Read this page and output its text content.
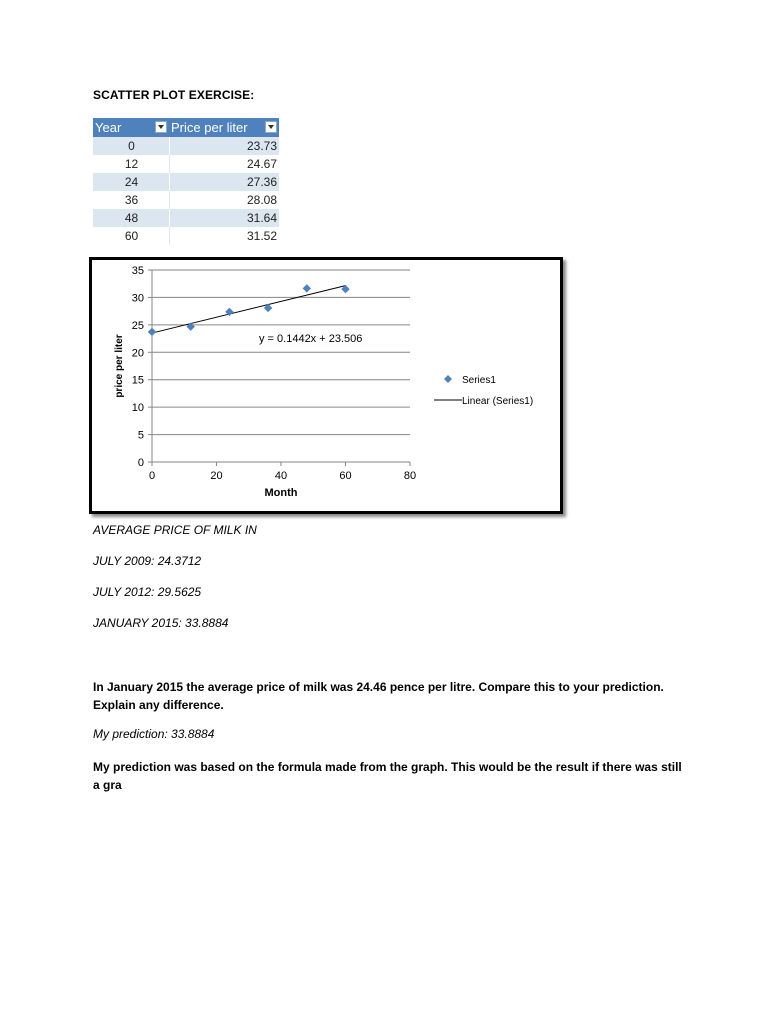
SCATTER PLOT EXERCISE:
Year	Price per liter

0	23.73
12	24.67
24	27.36
36	28.08
48	31.64
60	31.52
0
5
10
15
20
25
30
35
0	20	40	60	80
Month
price per liter	y = 0.1442x + 23.506
Series1
Linear (Series1)
AVERAGE PRICE OF MILK IN
JULY 2009: 24.3712
JULY 2012: 29.5625
JANUARY 2015: 33.8884
In January 2015 the average price of milk was 24.46 pence per litre. Compare this to your prediction. Explain any difference.
My prediction: 33.8884
My prediction was based on the formula made from the graph. This would be the result if there was still a gra
